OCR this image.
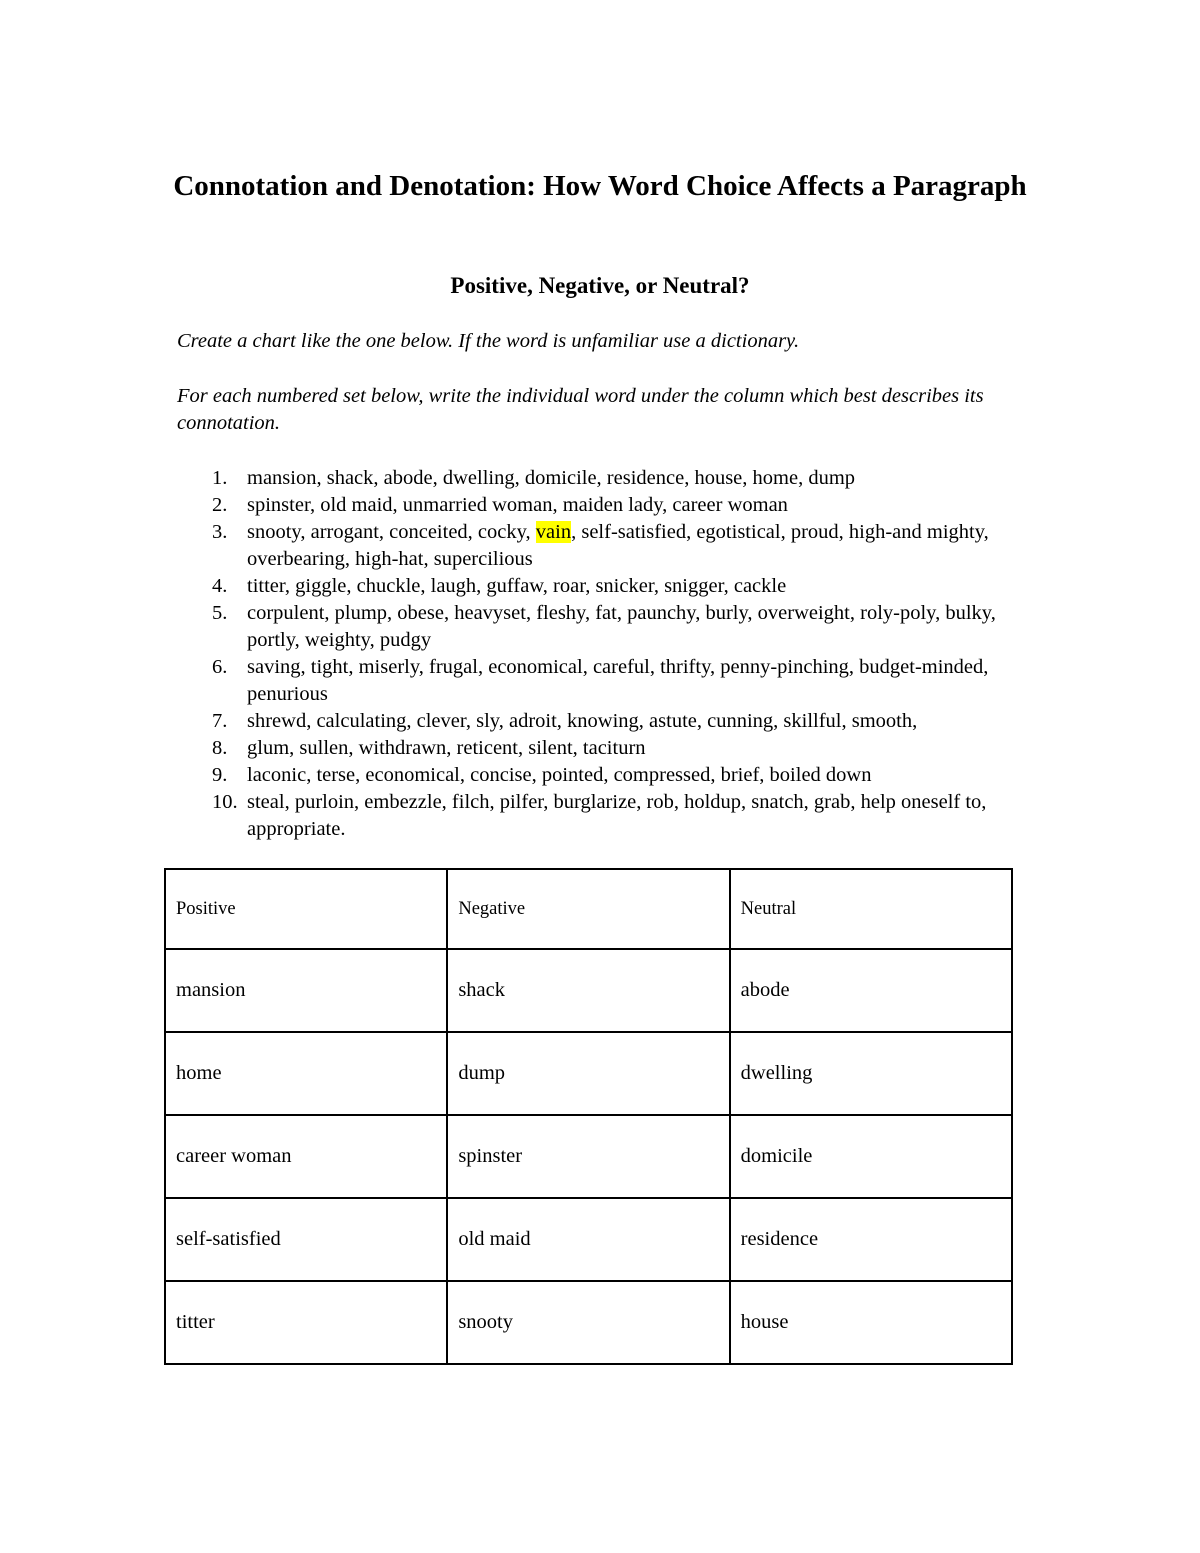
Connotation and Denotation: How Word Choice Affects a Paragraph
Positive, Negative, or Neutral?

Create a chart like the one below. If the word is unfamiliar use a dictionary.

For each numbered set below, write the individual word under the column which best describes its connotation.

1. mansion, shack, abode, dwelling, domicile, residence, house, home, dump
2. spinster, old maid, unmarried woman, maiden lady, career woman
3. snooty, arrogant, conceited, cocky, vain, self-satisfied, egotistical, proud, high-and mighty, overbearing, high-hat, supercilious
4. titter, giggle, chuckle, laugh, guffaw, roar, snicker, snigger, cackle
5. corpulent, plump, obese, heavyset, fleshy, fat, paunchy, burly, overweight, roly-poly, bulky, portly, weighty, pudgy
6. saving, tight, miserly, frugal, economical, careful, thrifty, penny-pinching, budget-minded, penurious
7. shrewd, calculating, clever, sly, adroit, knowing, astute, cunning, skillful, smooth,
8. glum, sullen, withdrawn, reticent, silent, taciturn
9. laconic, terse, economical, concise, pointed, compressed, brief, boiled down
10. steal, purloin, embezzle, filch, pilfer, burglarize, rob, holdup, snatch, grab, help oneself to, appropriate.
Positive	Negative	Neutral
mansion	shack	abode
home	dump	dwelling
career woman	spinster	domicile
self-satisfied	old maid	residence
titter	snooty	house
